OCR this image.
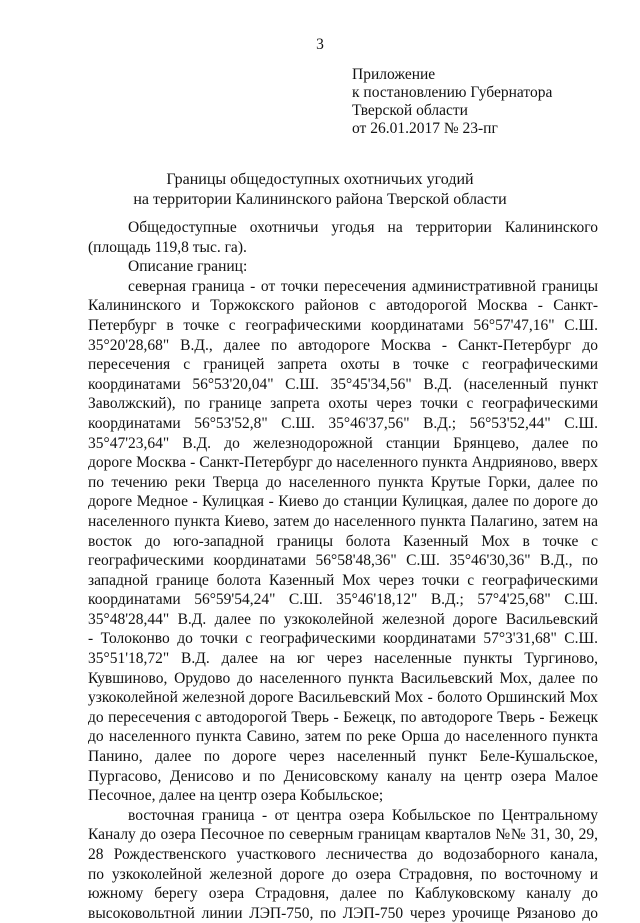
3
Приложение
к постановлению Губернатора
Тверской области
от 26.01.2017 № 23-пг
Границы общедоступных охотничьих угодий
на территории Калининского района Тверской области
Общедоступные охотничьи угодья на территории Калининского
(площадь 119,8 тыс. га).
Описание границ:
северная граница - от точки пересечения административной границы
Калининского и Торжокского районов с автодорогой Москва - Санкт-
Петербург в точке с географическими координатами 56°57'47,16" С.Ш.
35°20'28,68" В.Д., далее по автодороге Москва - Санкт-Петербург до
пересечения с границей запрета охоты в точке с географическими
координатами 56°53'20,04" С.Ш. 35°45'34,56" В.Д. (населенный пункт
Заволжский), по границе запрета охоты через точки с географическими
координатами 56°53'52,8" С.Ш. 35°46'37,56" В.Д.; 56°53'52,44" С.Ш.
35°47'23,64" В.Д. до железнодорожной станции Брянцево, далее по
дороге Москва - Санкт-Петербург до населенного пункта Андрияново, вверх
по течению реки Тверца до населенного пункта Крутые Горки, далее по
дороге Медное - Кулицкая - Киево до станции Кулицкая, далее по дороге до
населенного пункта Киево, затем до населенного пункта Палагино, затем на
восток до юго-западной границы болота Казенный Мох в точке с
географическими координатами 56°58'48,36" С.Ш. 35°46'30,36" В.Д., по
западной границе болота Казенный Мох через точки с географическими
координатами 56°59'54,24" С.Ш. 35°46'18,12" В.Д.; 57°4'25,68" С.Ш.
35°48'28,44" В.Д. далее по узкоколейной железной дороге Васильевский
- Толоконво до точки с географическими координатами 57°3'31,68" С.Ш.
35°51'18,72" В.Д. далее на юг через населенные пункты Тургиново,
Кувшиново, Орудово до населенного пункта Васильевский Мох, далее по
узкоколейной железной дороге Васильевский Мох - болото Оршинский Мох
до пересечения с автодорогой Тверь - Бежецк, по автодороге Тверь - Бежецк
до населенного пункта Савино, затем по реке Орша до населенного пункта
Панино, далее по дороге через населенный пункт Беле-Кушальское,
Пургасово, Денисово и по Денисовскому каналу на центр озера Малое
Песочное, далее на центр озера Кобыльское;
восточная граница - от центра озера Кобыльское по Центральному
Каналу до озера Песочное по северным границам кварталов №№ 31, 30, 29,
28 Рождественского участкового лесничества до водозаборного канала,
по узкоколейной железной дороге до озера Страдовня, по восточному и
южному берегу озера Страдовня, далее по Каблуковскому каналу до
высоковольтной линии ЛЭП-750, по ЛЭП-750 через урочище Рязаново до
